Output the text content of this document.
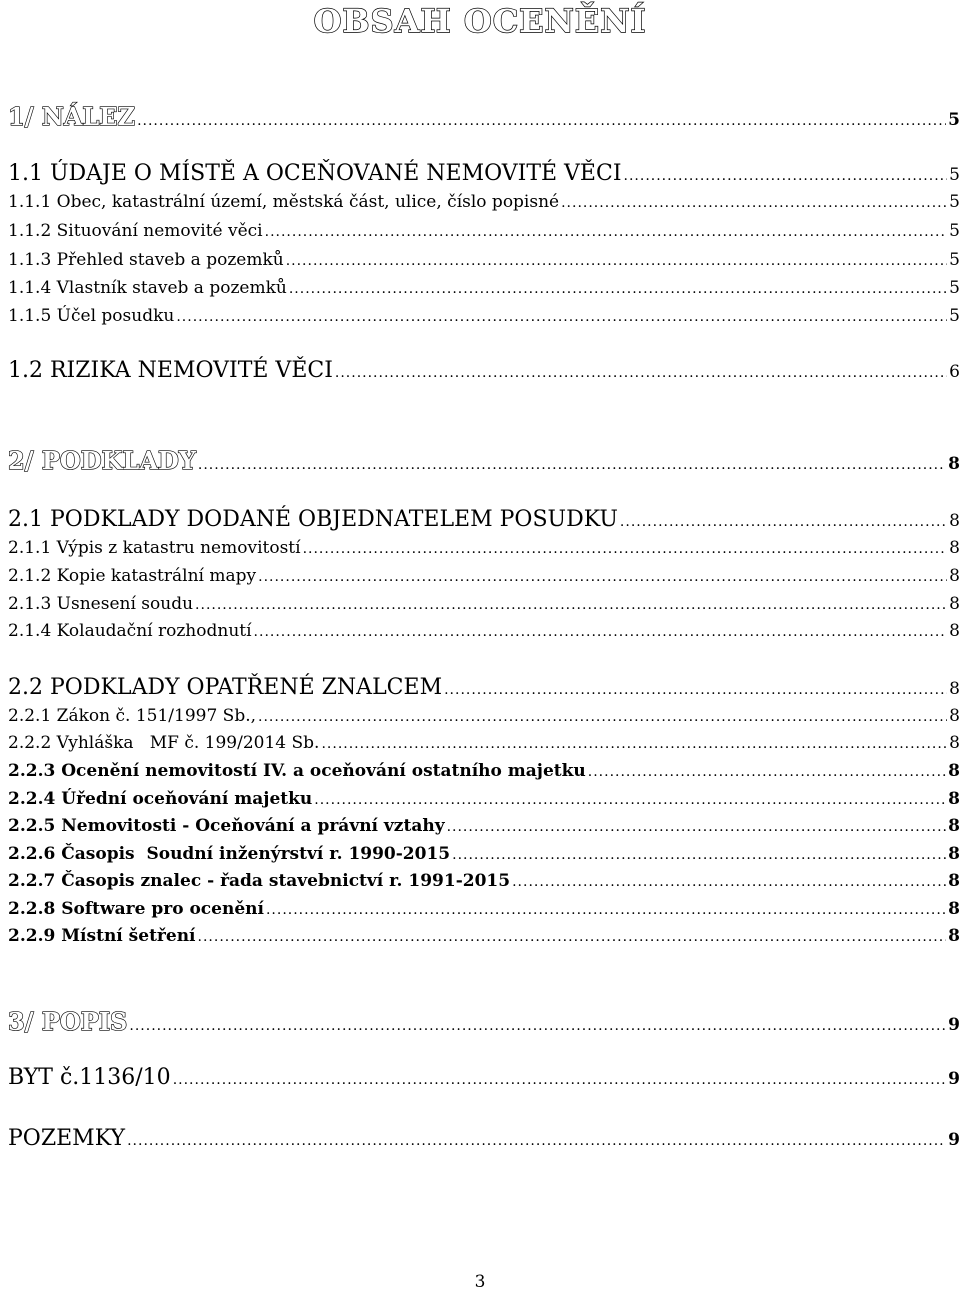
OBSAH OCENĚNÍ
1/ NÁLEZ .....	5
1.1 ÚDAJE O MÍSTĚ A OCEŇOVANÉ NEMOVITÉ VĚCI .....	5
1.1.1 Obec, katastrální území, městská část, ulice, číslo popisné .....	5
1.1.2 Situování nemovité věci .....	5
1.1.3 Přehled staveb a pozemků .....	5
1.1.4 Vlastník staveb a pozemků .....	5
1.1.5 Účel posudku .....	5
1.2 RIZIKA NEMOVITÉ VĚCI .....	6
2/ PODKLADY .....	8
2.1 PODKLADY DODANÉ OBJEDNATELEM POSUDKU .....	8
2.1.1 Výpis z katastru nemovitostí .....	8
2.1.2 Kopie katastrální mapy .....	8
2.1.3 Usnesení soudu .....	8
2.1.4 Kolaudační rozhodnutí .....	8
2.2 PODKLADY OPATŘENÉ ZNALCEM .....	8
2.2.1 Zákon č. 151/1997 Sb., .....	8
2.2.2 Vyhláška   MF č. 199/2014 Sb. .....	8
2.2.3 Ocenění nemovitostí IV. a oceňování ostatního majetku .....	8
2.2.4 Úřední oceňování majetku .....	8
2.2.5 Nemovitosti - Oceňování a právní vztahy .....	8
2.2.6 Časopis  Soudní inženýrství r. 1990-2015 .....	8
2.2.7 Časopis znalec - řada stavebnictví r. 1991-2015 .....	8
2.2.8 Software pro ocenění .....	8
2.2.9 Místní šetření .....	8
3/ POPIS .....	9
BYT č.1136/10 .....	9
POZEMKY .....	9
3
